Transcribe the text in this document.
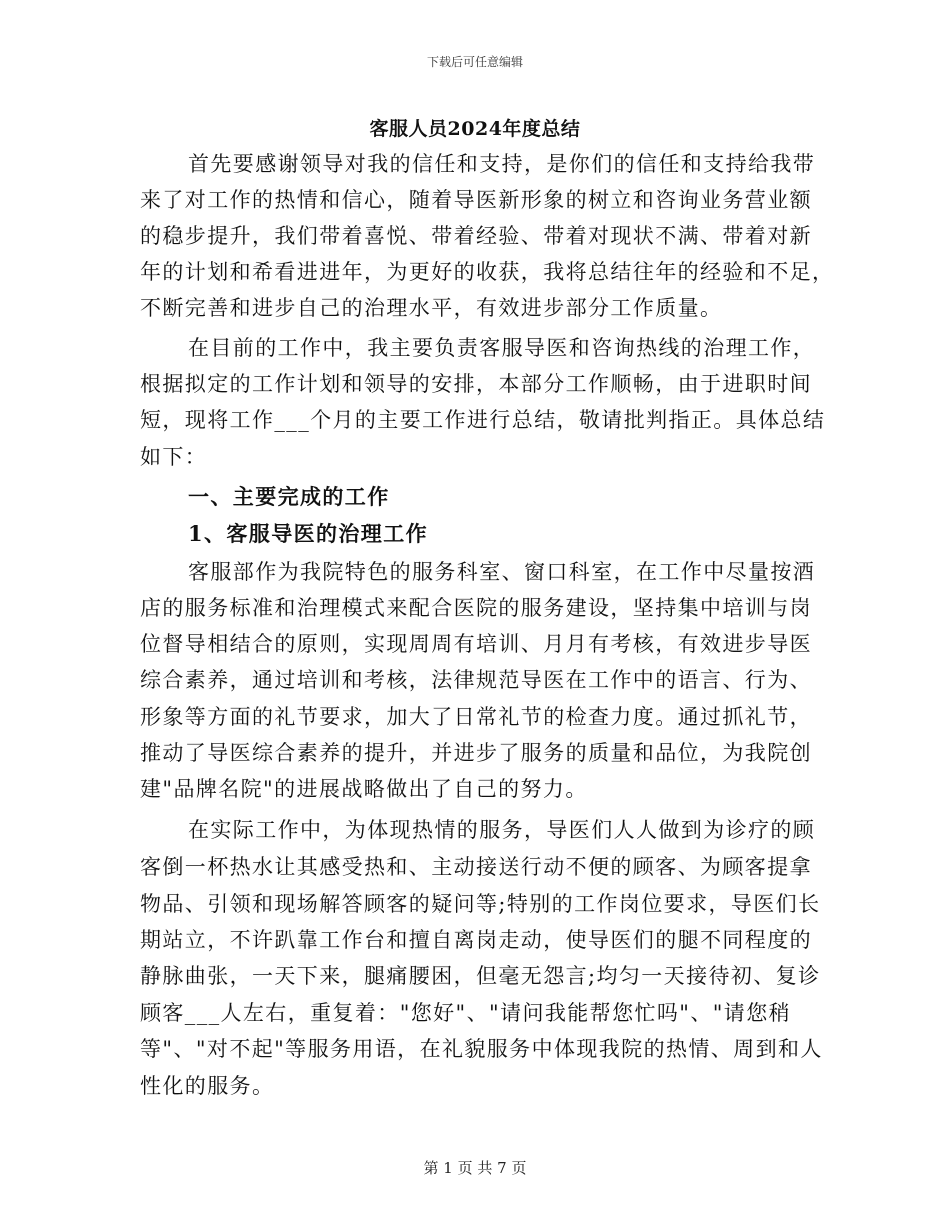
下载后可任意编辑
客服人员2024年度总结
首先要感谢领导对我的信任和支持，是你们的信任和支持给我带
来了对工作的热情和信心，随着导医新形象的树立和咨询业务营业额
的稳步提升，我们带着喜悦、带着经验、带着对现状不满、带着对新
年的计划和希看进进年，为更好的收获，我将总结往年的经验和不足，
不断完善和进步自己的治理水平，有效进步部分工作质量。
在目前的工作中，我主要负责客服导医和咨询热线的治理工作，
根据拟定的工作计划和领导的安排，本部分工作顺畅，由于进职时间
短，现将工作___个月的主要工作进行总结，敬请批判指正。具体总结
如下：
一、主要完成的工作
1、客服导医的治理工作
客服部作为我院特色的服务科室、窗口科室，在工作中尽量按酒
店的服务标准和治理模式来配合医院的服务建设，坚持集中培训与岗
位督导相结合的原则，实现周周有培训、月月有考核，有效进步导医
综合素养，通过培训和考核，法律规范导医在工作中的语言、行为、
形象等方面的礼节要求，加大了日常礼节的检查力度。通过抓礼节，
推动了导医综合素养的提升，并进步了服务的质量和品位，为我院创
建"品牌名院"的进展战略做出了自己的努力。
在实际工作中，为体现热情的服务，导医们人人做到为诊疗的顾
客倒一杯热水让其感受热和、主动接送行动不便的顾客、为顾客提拿
物品、引领和现场解答顾客的疑问等;特别的工作岗位要求，导医们长
期站立，不许趴靠工作台和擅自离岗走动，使导医们的腿不同程度的
静脉曲张，一天下来，腿痛腰困，但毫无怨言;均匀一天接待初、复诊
顾客___人左右，重复着："您好"、"请问我能帮您忙吗"、"请您稍
等"、"对不起"等服务用语，在礼貌服务中体现我院的热情、周到和人
性化的服务。
第 1 页 共 7 页
